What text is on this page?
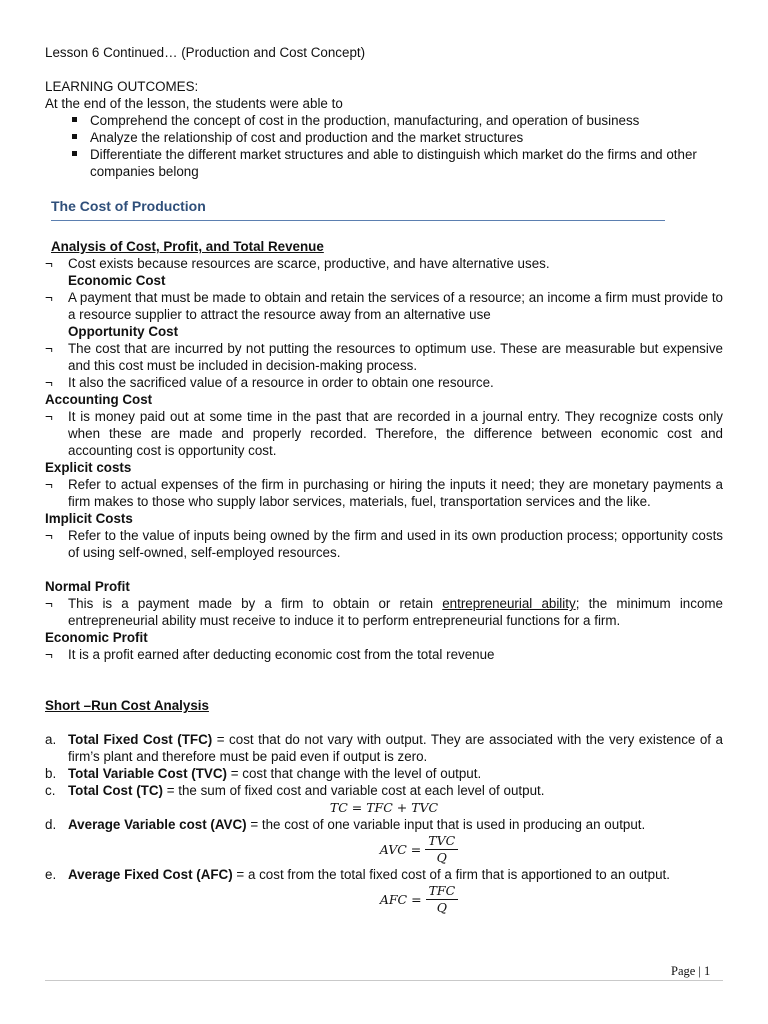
Lesson 6 Continued… (Production and Cost Concept)

LEARNING OUTCOMES:

At the end of the lesson, the students were able to

Comprehend the concept of cost in the production, manufacturing, and operation of business
Analyze the relationship of cost and production and the market structures
Differentiate the different market structures and able to distinguish which market do the firms and other companies belong
The Cost of Production

Analysis of Cost, Profit, and Total Revenue

¬ Cost exists because resources are scarce, productive, and have alternative uses.

Economic Cost

¬ A payment that must be made to obtain and retain the services of a resource; an income a firm must provide to a resource supplier to attract the resource away from an alternative use

Opportunity Cost

¬ The cost that are incurred by not putting the resources to optimum use. These are measurable but expensive and this cost must be included in decision-making process.

¬ It also the sacrificed value of a resource in order to obtain one resource.

Accounting Cost

¬ It is money paid out at some time in the past that are recorded in a journal entry. They recognize costs only when these are made and properly recorded. Therefore, the difference between economic cost and accounting cost is opportunity cost.

Explicit costs

¬ Refer to actual expenses of the firm in purchasing or hiring the inputs it need; they are monetary payments a firm makes to those who supply labor services, materials, fuel, transportation services and the like.

Implicit Costs

¬ Refer to the value of inputs being owned by the firm and used in its own production process; opportunity costs of using self-owned, self-employed resources.

Normal Profit

¬ This is a payment made by a firm to obtain or retain entrepreneurial ability; the minimum income entrepreneurial ability must receive to induce it to perform entrepreneurial functions for a firm.

Economic Profit

¬ It is a profit earned after deducting economic cost from the total revenue

Short –Run Cost Analysis

a. Total Fixed Cost (TFC) = cost that do not vary with output. They are associated with the very existence of a firm’s plant and therefore must be paid even if output is zero.

b. Total Variable Cost (TVC) = cost that change with the level of output.

c. Total Cost (TC) = the sum of fixed cost and variable cost at each level of output.

TC = TFC + TVC

d. Average Variable cost (AVC) = the cost of one variable input that is used in producing an output.

AVC = $\frac{\text{TVC}}{Q}$

e. Average Fixed Cost (AFC) = a cost from the total fixed cost of a firm that is apportioned to an output.

AFC = $\frac{\text{TFC}}{Q}$
Page | 1
